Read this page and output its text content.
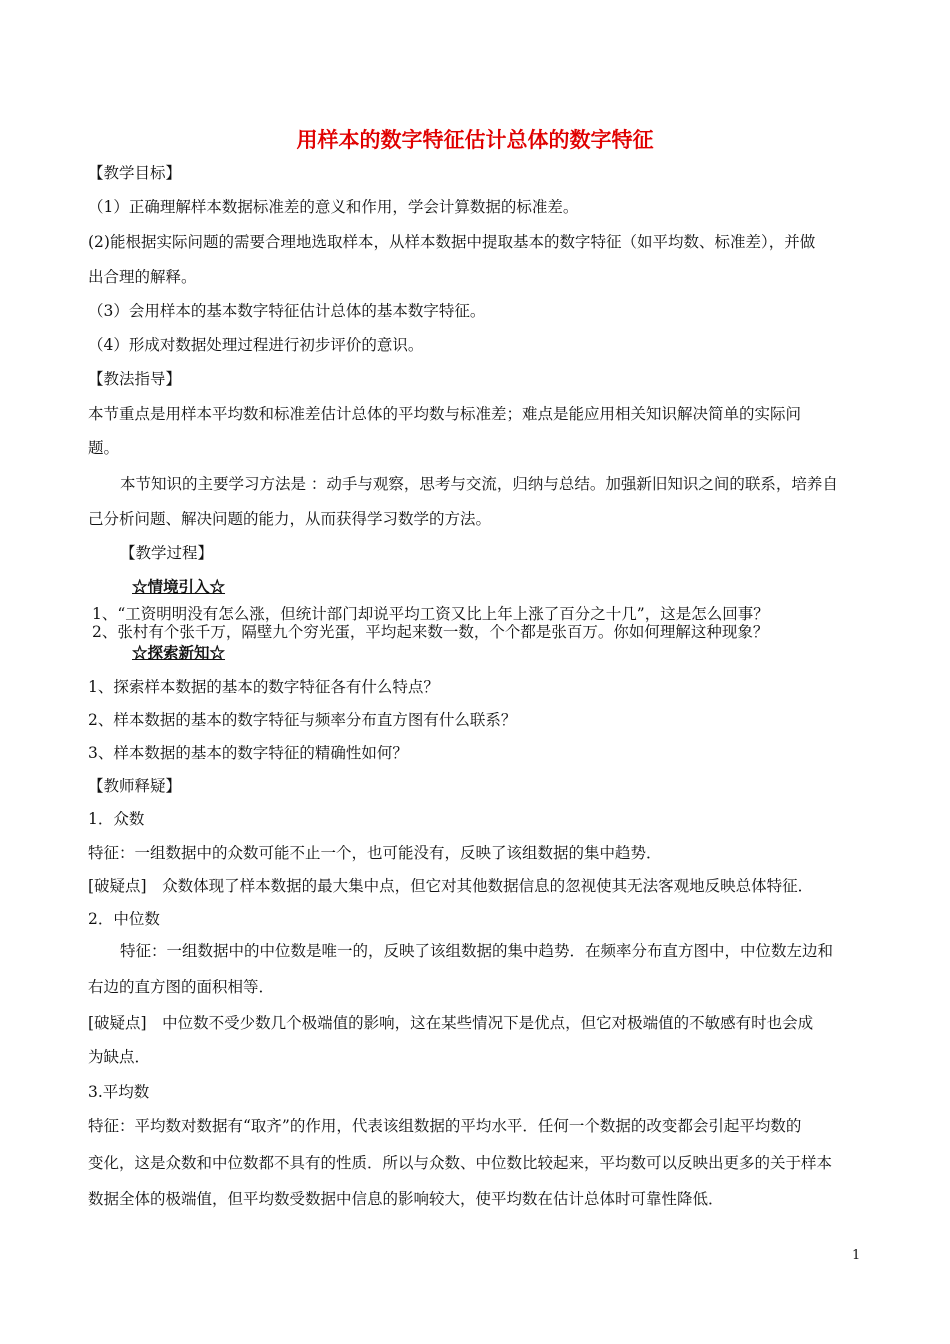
用样本的数字特征估计总体的数字特征
【教学目标】
（1）正确理解样本数据标准差的意义和作用，学会计算数据的标准差。
(2)能根据实际问题的需要合理地选取样本，从样本数据中提取基本的数字特征（如平均数、标准差），并做
出合理的解释。
（3）会用样本的基本数字特征估计总体的基本数字特征。
（4）形成对数据处理过程进行初步评价的意识。
【教法指导】
本节重点是用样本平均数和标准差估计总体的平均数与标准差；难点是能应用相关知识解决简单的实际问
题。
本节知识的主要学习方法是 ：动手与观察，思考与交流，归纳与总结。加强新旧知识之间的联系，培养自
己分析问题、解决问题的能力，从而获得学习数学的方法。
【教学过程】
☆情境引入☆
1、“工资明明没有怎么涨，但统计部门却说平均工资又比上年上涨了百分之十几”，这是怎么回事？
2、张村有个张千万，隔壁九个穷光蛋，平均起来数一数，个个都是张百万。你如何理解这种现象？
☆探索新知☆
1、探索样本数据的基本的数字特征各有什么特点？
2、样本数据的基本的数字特征与频率分布直方图有什么联系？
3、样本数据的基本的数字特征的精确性如何？
【教师释疑】
1．众数
特征：一组数据中的众数可能不止一个，也可能没有，反映了该组数据的集中趋势．
[破疑点]　众数体现了样本数据的最大集中点，但它对其他数据信息的忽视使其无法客观地反映总体特征．
2．中位数
特征：一组数据中的中位数是唯一的，反映了该组数据的集中趋势．在频率分布直方图中，中位数左边和
右边的直方图的面积相等．
[破疑点]　中位数不受少数几个极端值的影响，这在某些情况下是优点，但它对极端值的不敏感有时也会成
为缺点．
3.平均数
特征：平均数对数据有“取齐”的作用，代表该组数据的平均水平．任何一个数据的改变都会引起平均数的
变化，这是众数和中位数都不具有的性质．所以与众数、中位数比较起来，平均数可以反映出更多的关于样本
数据全体的极端值，但平均数受数据中信息的影响较大，使平均数在估计总体时可靠性降低．
1
